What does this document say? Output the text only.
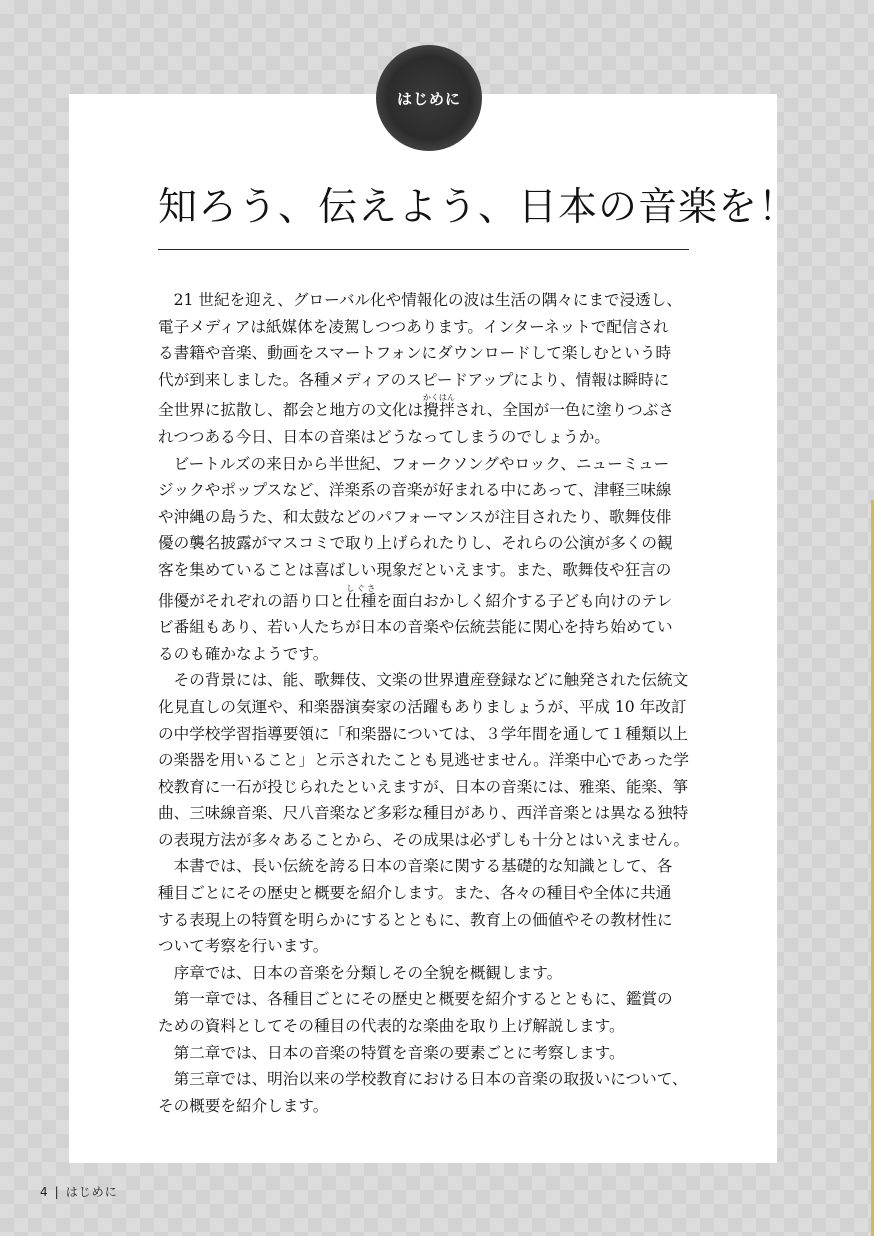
はじめに
知ろう、伝えよう、日本の音楽を！

21 世紀を迎え、グローバル化や情報化の波は生活の隅々にまで浸透し、

電子メディアは紙媒体を凌駕しつつあります。インターネットで配信され

る書籍や音楽、動画をスマートフォンにダウンロードして楽しむという時

代が到来しました。各種メディアのスピードアップにより、情報は瞬時に

全世界に拡散し、都会と地方の文化は攪拌かくはんされ、全国が一色に塗りつぶさ

れつつある今日、日本の音楽はどうなってしまうのでしょうか。

ビートルズの来日から半世紀、フォークソングやロック、ニューミュー

ジックやポップスなど、洋楽系の音楽が好まれる中にあって、津軽三味線

や沖縄の島うた、和太鼓などのパフォーマンスが注目されたり、歌舞伎俳

優の襲名披露がマスコミで取り上げられたりし、それらの公演が多くの観

客を集めていることは喜ばしい現象だといえます。また、歌舞伎や狂言の

俳優がそれぞれの語り口と仕種しぐさを面白おかしく紹介する子ども向けのテレ

ビ番組もあり、若い人たちが日本の音楽や伝統芸能に関心を持ち始めてい

るのも確かなようです。

その背景には、能、歌舞伎、文楽の世界遺産登録などに触発された伝統文

化見直しの気運や、和楽器演奏家の活躍もありましょうが、平成 10 年改訂

の中学校学習指導要領に「和楽器については、３学年間を通して１種類以上

の楽器を用いること」と示されたことも見逃せません。洋楽中心であった学

校教育に一石が投じられたといえますが、日本の音楽には、雅楽、能楽、箏

曲、三味線音楽、尺八音楽など多彩な種目があり、西洋音楽とは異なる独特

の表現方法が多々あることから、その成果は必ずしも十分とはいえません。

本書では、長い伝統を誇る日本の音楽に関する基礎的な知識として、各

種目ごとにその歴史と概要を紹介します。また、各々の種目や全体に共通

する表現上の特質を明らかにするとともに、教育上の価値やその教材性に

ついて考察を行います。

序章では、日本の音楽を分類しその全貌を概観します。

第一章では、各種目ごとにその歴史と概要を紹介するとともに、鑑賞の

ための資料としてその種目の代表的な楽曲を取り上げ解説します。

第二章では、日本の音楽の特質を音楽の要素ごとに考察します。

第三章では、明治以来の学校教育における日本の音楽の取扱いについて、

その概要を紹介します。

4 | はじめに
